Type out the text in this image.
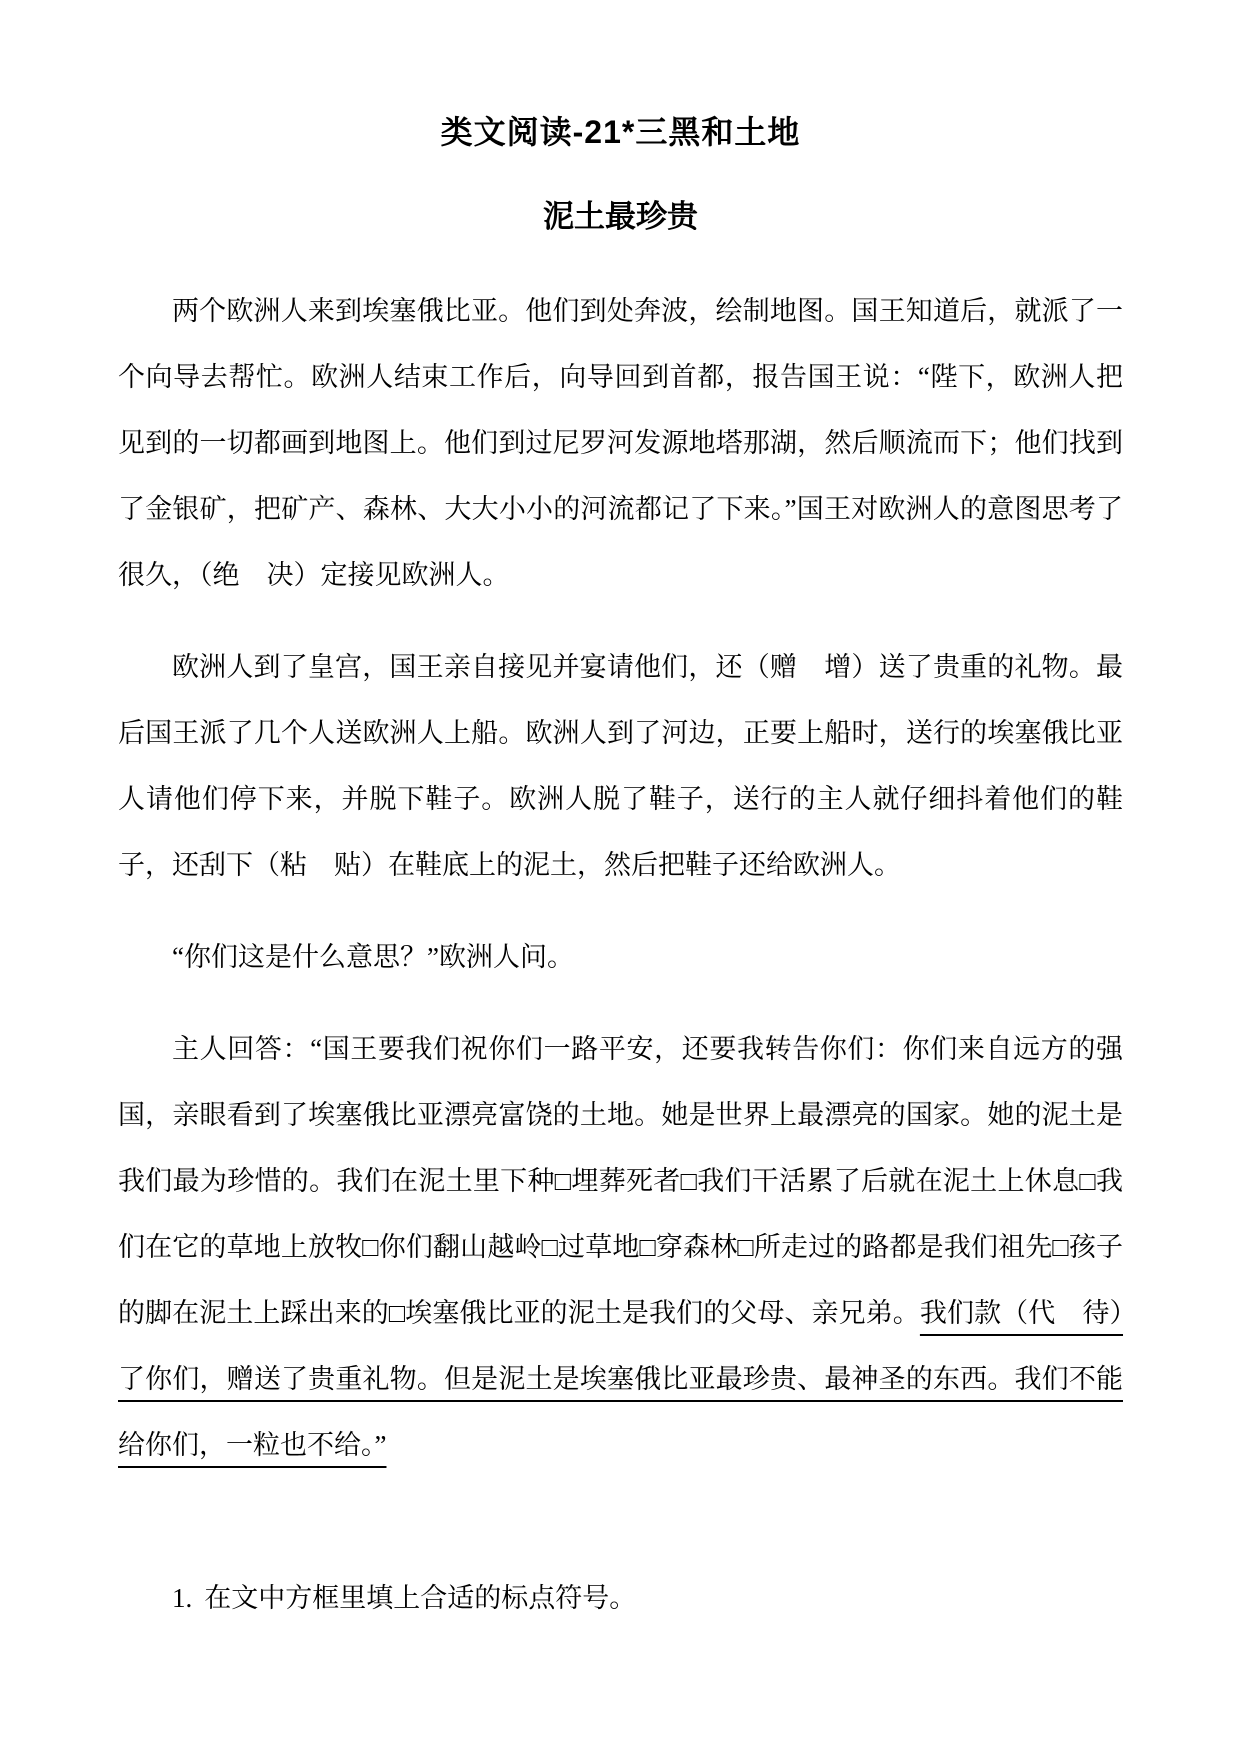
类文阅读-21*三黑和土地
泥土最珍贵

两个欧洲人来到埃塞俄比亚。他们到处奔波，绘制地图。国王知道后，就派了一个向导去帮忙。欧洲人结束工作后，向导回到首都，报告国王说：“陛下，欧洲人把见到的一切都画到地图上。他们到过尼罗河发源地塔那湖，然后顺流而下；他们找到了金银矿，把矿产、森林、大大小小的河流都记了下来。”国王对欧洲人的意图思考了很久，（绝　决）定接见欧洲人。

欧洲人到了皇宫，国王亲自接见并宴请他们，还（赠　增）送了贵重的礼物。最后国王派了几个人送欧洲人上船。欧洲人到了河边，正要上船时，送行的埃塞俄比亚人请他们停下来，并脱下鞋子。欧洲人脱了鞋子，送行的主人就仔细抖着他们的鞋子，还刮下（粘　贴）在鞋底上的泥土，然后把鞋子还给欧洲人。

“你们这是什么意思？”欧洲人问。

主人回答：“国王要我们祝你们一路平安，还要我转告你们：你们来自远方的强国，亲眼看到了埃塞俄比亚漂亮富饶的土地。她是世界上最漂亮的国家。她的泥土是我们最为珍惜的。我们在泥土里下种□埋葬死者□我们干活累了后就在泥土上休息□我们在它的草地上放牧□你们翻山越岭□过草地□穿森林□所走过的路都是我们祖先□孩子的脚在泥土上踩出来的□埃塞俄比亚的泥土是我们的父母、亲兄弟。我们款（代　待）了你们，赠送了贵重礼物。但是泥土是埃塞俄比亚最珍贵、最神圣的东西。我们不能给你们，一粒也不给。”

1. 在文中方框里填上合适的标点符号。
